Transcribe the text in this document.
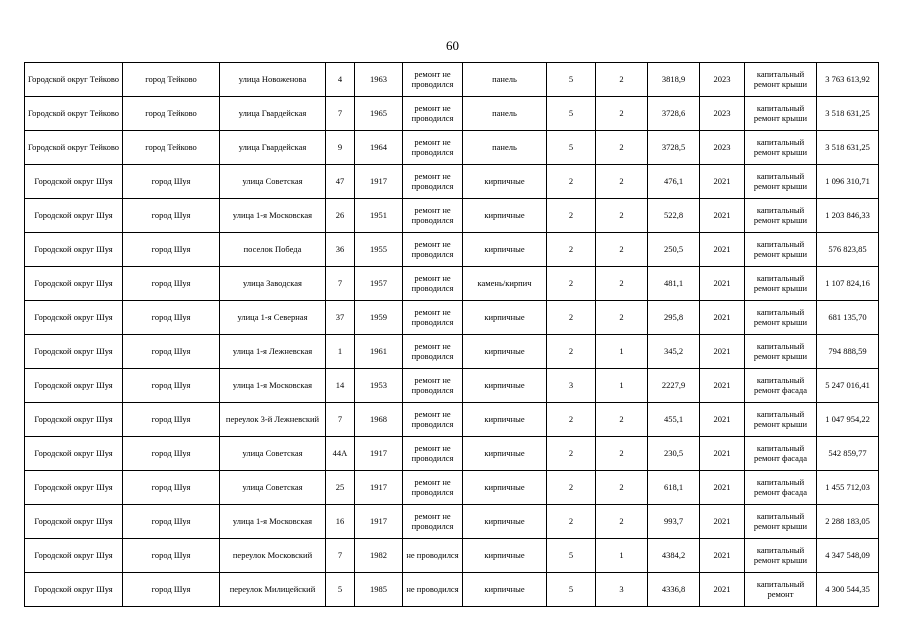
60
Городской округ Тейково	город Тейково	улица Новоженова	4	1963	ремонт не проводился	панель	5	2	3818,9	2023	капитальный ремонт крыши	3 763 613,92
Городской округ Тейково	город Тейково	улица Гвардейская	7	1965	ремонт не проводился	панель	5	2	3728,6	2023	капитальный ремонт крыши	3 518 631,25
Городской округ Тейково	город Тейково	улица Гвардейская	9	1964	ремонт не проводился	панель	5	2	3728,5	2023	капитальный ремонт крыши	3 518 631,25
Городской округ Шуя	город Шуя	улица Советская	47	1917	ремонт не проводился	кирпичные	2	2	476,1	2021	капитальный ремонт крыши	1 096 310,71
Городской округ Шуя	город Шуя	улица 1-я Московская	26	1951	ремонт не проводился	кирпичные	2	2	522,8	2021	капитальный ремонт крыши	1 203 846,33
Городской округ Шуя	город Шуя	поселок Победа	36	1955	ремонт не проводился	кирпичные	2	2	250,5	2021	капитальный ремонт крыши	576 823,85
Городской округ Шуя	город Шуя	улица Заводская	7	1957	ремонт не проводился	камень/кирпич	2	2	481,1	2021	капитальный ремонт крыши	1 107 824,16
Городской округ Шуя	город Шуя	улица 1-я Северная	37	1959	ремонт не проводился	кирпичные	2	2	295,8	2021	капитальный ремонт крыши	681 135,70
Городской округ Шуя	город Шуя	улица 1-я Лежневская	1	1961	ремонт не проводился	кирпичные	2	1	345,2	2021	капитальный ремонт крыши	794 888,59
Городской округ Шуя	город Шуя	улица 1-я Московская	14	1953	ремонт не проводился	кирпичные	3	1	2227,9	2021	капитальный ремонт фасада	5 247 016,41
Городской округ Шуя	город Шуя	переулок 3-й Лежневский	7	1968	ремонт не проводился	кирпичные	2	2	455,1	2021	капитальный ремонт крыши	1 047 954,22
Городской округ Шуя	город Шуя	улица Советская	44А	1917	ремонт не проводился	кирпичные	2	2	230,5	2021	капитальный ремонт фасада	542 859,77
Городской округ Шуя	город Шуя	улица Советская	25	1917	ремонт не проводился	кирпичные	2	2	618,1	2021	капитальный ремонт фасада	1 455 712,03
Городской округ Шуя	город Шуя	улица 1-я Московская	16	1917	ремонт не проводился	кирпичные	2	2	993,7	2021	капитальный ремонт крыши	2 288 183,05
Городской округ Шуя	город Шуя	переулок Московский	7	1982	не проводился	кирпичные	5	1	4384,2	2021	капитальный ремонт крыши	4 347 548,09
Городской округ Шуя	город Шуя	переулок Милицейский	5	1985	не проводился	кирпичные	5	3	4336,8	2021	капитальный ремонт	4 300 544,35
